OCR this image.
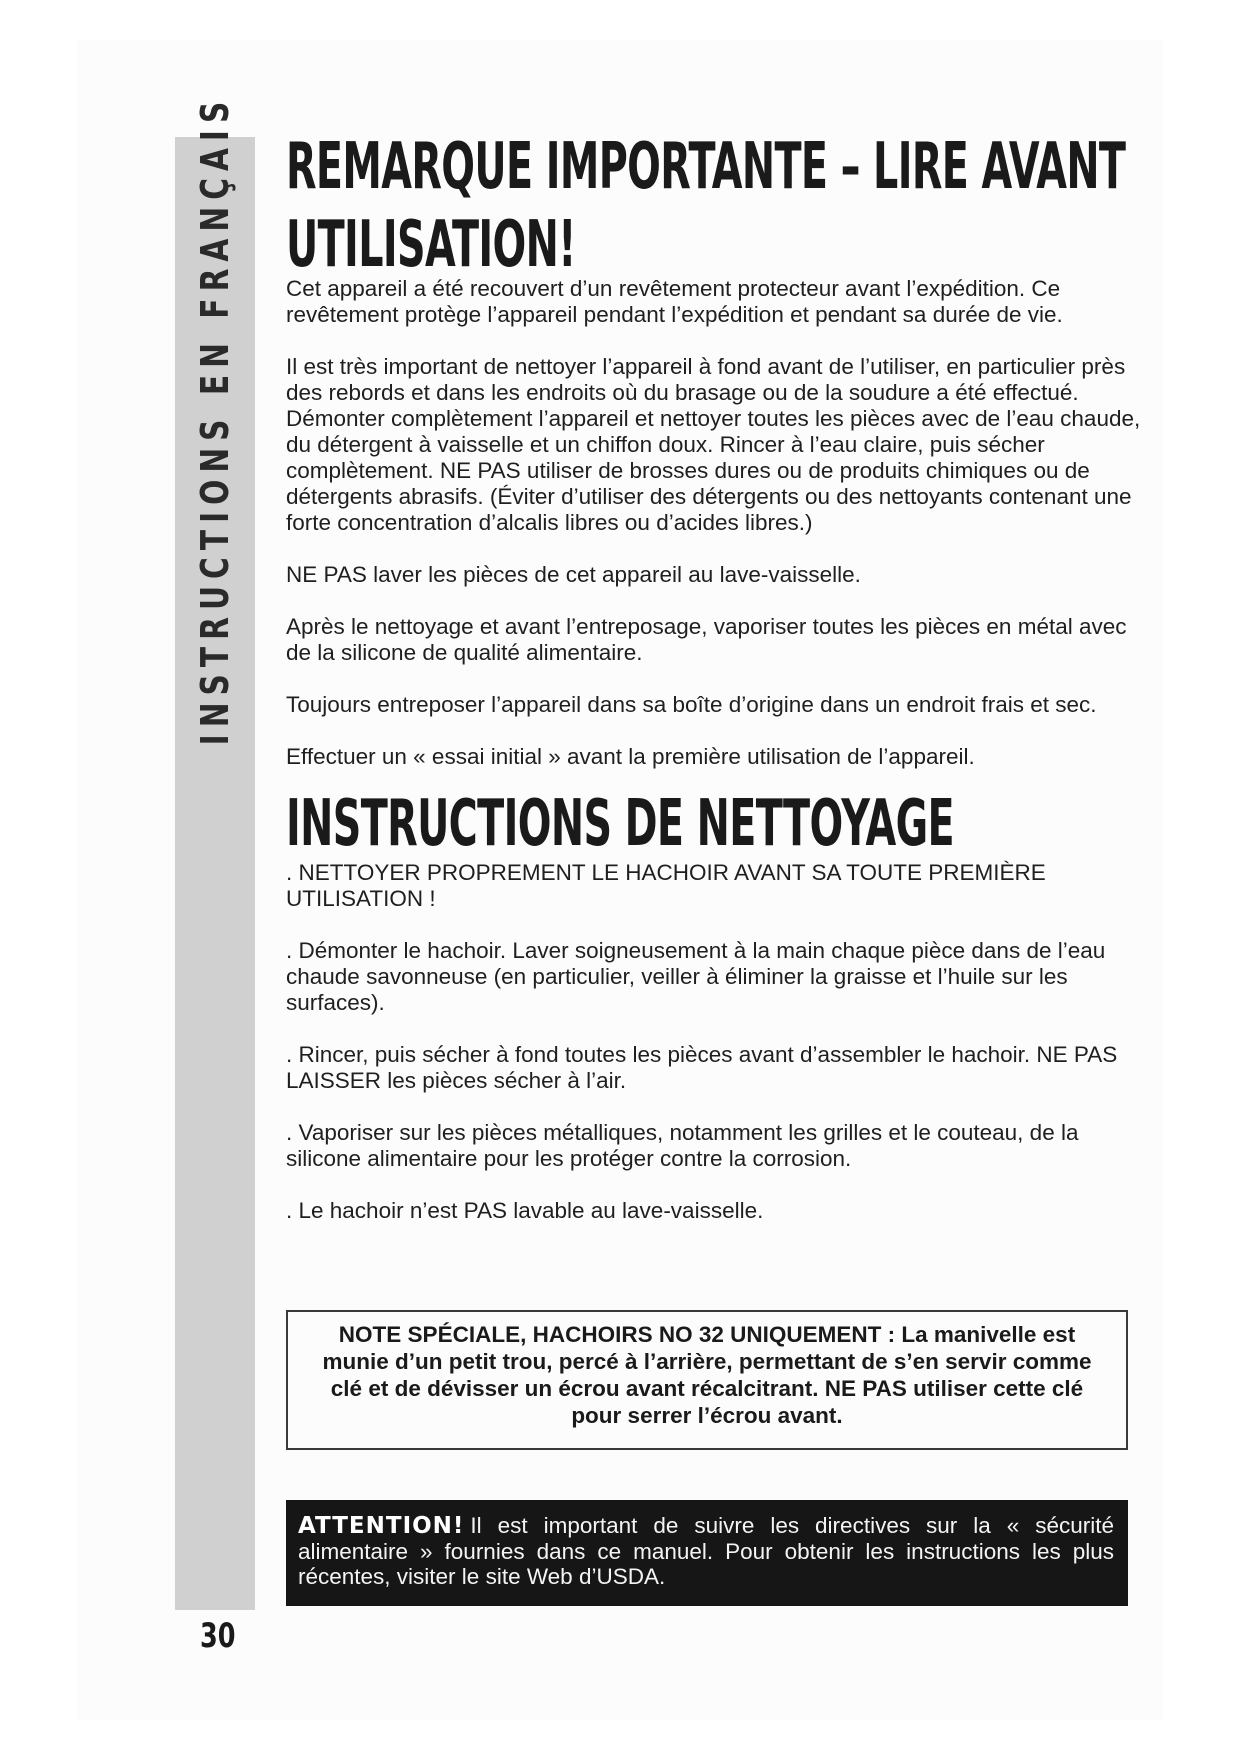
INSTRUCTIONS EN FRANÇAIS
30
REMARQUE IMPORTANTE – LIRE AVANT UTILISATION!

Cet appareil a été recouvert d’un revêtement protecteur avant l’expédition. Ce revêtement protège l’appareil pendant l’expédition et pendant sa durée de vie.

Il est très important de nettoyer l’appareil à fond avant de l’utiliser, en particulier près des rebords et dans les endroits où du brasage ou de la soudure a été effectué. Démonter complètement l’appareil et nettoyer toutes les pièces avec de l’eau chaude, du détergent à vaisselle et un chiffon doux. Rincer à l’eau claire, puis sécher complètement. NE PAS utiliser de brosses dures ou de produits chimiques ou de détergents abrasifs. (Éviter d’utiliser des détergents ou des nettoyants contenant une forte concentration d’alcalis libres ou d’acides libres.)

NE PAS laver les pièces de cet appareil au lave-vaisselle.

Après le nettoyage et avant l’entreposage, vaporiser toutes les pièces en métal avec de la silicone de qualité alimentaire.

Toujours entreposer l’appareil dans sa boîte d’origine dans un endroit frais et sec.

Effectuer un « essai initial » avant la première utilisation de l’appareil.

INSTRUCTIONS DE NETTOYAGE

. NETTOYER PROPREMENT LE HACHOIR AVANT SA TOUTE PREMIÈRE UTILISATION !

. Démonter le hachoir. Laver soigneusement à la main chaque pièce dans de l’eau chaude savonneuse (en particulier, veiller à éliminer la graisse et l’huile sur les surfaces).

. Rincer, puis sécher à fond toutes les pièces avant d’assembler le hachoir. NE PAS LAISSER les pièces sécher à l’air.

. Vaporiser sur les pièces métalliques, notamment les grilles et le couteau, de la silicone alimentaire pour les protéger contre la corrosion.

. Le hachoir n’est PAS lavable au lave-vaisselle.

NOTE SPÉCIALE, HACHOIRS NO 32 UNIQUEMENT : La manivelle est munie d’un petit trou, percé à l’arrière, permettant de s’en servir comme clé et de dévisser un écrou avant récalcitrant. NE PAS utiliser cette clé pour serrer l’écrou avant.

ATTENTION! Il est important de suivre les directives sur la « sécurité alimentaire » fournies dans ce manuel. Pour obtenir les instructions les plus récentes, visiter le site Web d’USDA.
